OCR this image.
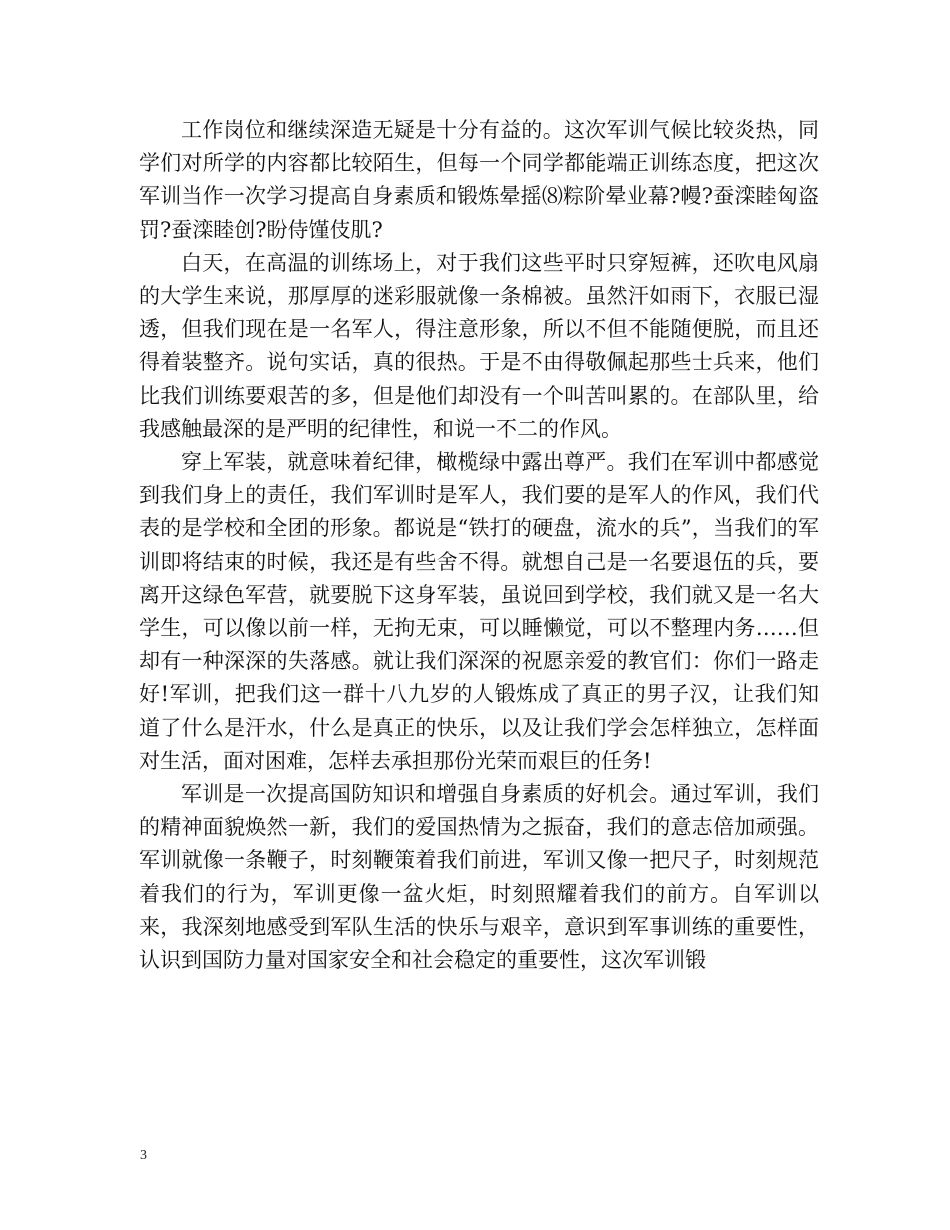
工作岗位和继续深造无疑是十分有益的。这次军训气候比较炎热，同学们对所学的内容都比较陌生，但每一个同学都能端正训练态度，把这次军训当作一次学习提高自身素质和锻炼晕摇⑻粽阶晕业幕?幔?蚕滦睦匈盗罚?蚕滦睦创?盼侍馑伎肌?

白天，在高温的训练场上，对于我们这些平时只穿短裤，还吹电风扇的大学生来说，那厚厚的迷彩服就像一条棉被。虽然汗如雨下，衣服已湿透，但我们现在是一名军人，得注意形象，所以不但不能随便脱，而且还得着装整齐。说句实话，真的很热。于是不由得敬佩起那些士兵来，他们比我们训练要艰苦的多，但是他们却没有一个叫苦叫累的。在部队里，给我感触最深的是严明的纪律性，和说一不二的作风。

穿上军装，就意味着纪律，橄榄绿中露出尊严。我们在军训中都感觉到我们身上的责任，我们军训时是军人，我们要的是军人的作风，我们代表的是学校和全团的形象。都说是“铁打的硬盘，流水的兵”，当我们的军训即将结束的时候，我还是有些舍不得。就想自己是一名要退伍的兵，要离开这绿色军营，就要脱下这身军装，虽说回到学校，我们就又是一名大学生，可以像以前一样，无拘无束，可以睡懒觉，可以不整理内务……但却有一种深深的失落感。就让我们深深的祝愿亲爱的教官们：你们一路走好!军训，把我们这一群十八九岁的人锻炼成了真正的男子汉，让我们知道了什么是汗水，什么是真正的快乐，以及让我们学会怎样独立，怎样面对生活，面对困难，怎样去承担那份光荣而艰巨的任务!

军训是一次提高国防知识和增强自身素质的好机会。通过军训，我们的精神面貌焕然一新，我们的爱国热情为之振奋，我们的意志倍加顽强。军训就像一条鞭子，时刻鞭策着我们前进，军训又像一把尺子，时刻规范着我们的行为，军训更像一盆火炬，时刻照耀着我们的前方。自军训以来，我深刻地感受到军队生活的快乐与艰辛，意识到军事训练的重要性，认识到国防力量对国家安全和社会稳定的重要性，这次军训锻

3
